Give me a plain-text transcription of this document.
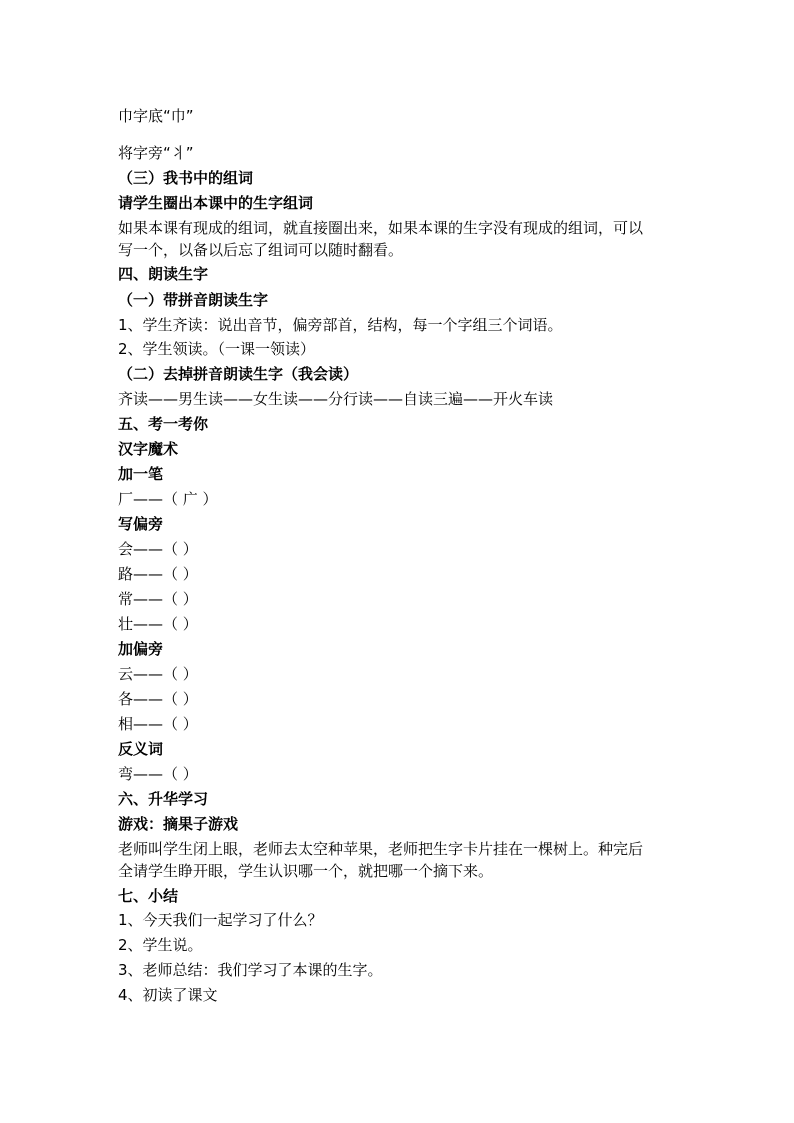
巾字底“巾”
将字旁“丬”
（三）我书中的组词
请学生圈出本课中的生字组词
如果本课有现成的组词，就直接圈出来，如果本课的生字没有现成的组词，可以
写一个，以备以后忘了组词可以随时翻看。
四、朗读生字
（一）带拼音朗读生字
1、学生齐读：说出音节，偏旁部首，结构，每一个字组三个词语。
2、学生领读。（一课一领读）
（二）去掉拼音朗读生字（我会读）
齐读——男生读——女生读——分行读——自读三遍——开火车读
五、考一考你
汉字魔术
加一笔
厂——（ 广 ）
写偏旁
会——（ ）
路——（ ）
常——（ ）
壮——（ ）
加偏旁
云——（ ）
各——（ ）
相——（ ）
反义词
弯——（ ）
六、升华学习
游戏：摘果子游戏
老师叫学生闭上眼，老师去太空种苹果，老师把生字卡片挂在一棵树上。种完后
全请学生睁开眼，学生认识哪一个，就把哪一个摘下来。
七、小结
1、今天我们一起学习了什么？
2、学生说。
3、老师总结：我们学习了本课的生字。
4、初读了课文
